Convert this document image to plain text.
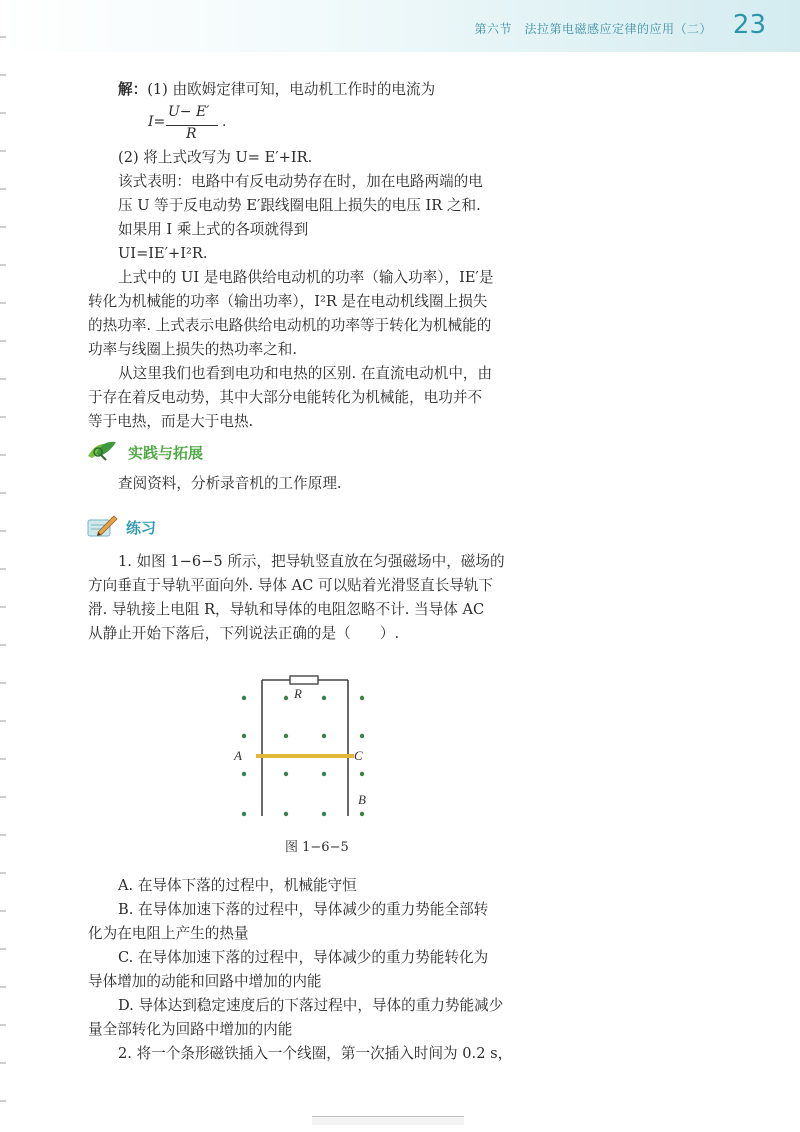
第六节　法拉第电磁感应定律的应用（二） 23
解：(1) 由欧姆定律可知，电动机工作时的电流为
I=
U− E′
R
.
(2) 将上式改写为 U= E′+IR.
该式表明：电路中有反电动势存在时，加在电路两端的电
压 U 等于反电动势 E′跟线圈电阻上损失的电压 IR 之和.
如果用 I 乘上式的各项就得到
UI=IE′+I²R.
上式中的 UI 是电路供给电动机的功率（输入功率），IE′是
转化为机械能的功率（输出功率），I²R 是在电动机线圈上损失
的热功率. 上式表示电路供给电动机的功率等于转化为机械能的
功率与线圈上损失的热功率之和.
从这里我们也看到电功和电热的区别. 在直流电动机中，由
于存在着反电动势，其中大部分电能转化为机械能，电功并不
等于电热，而是大于电热.
实践与拓展
查阅资料，分析录音机的工作原理.
练习
1. 如图 1−6−5 所示，把导轨竖直放在匀强磁场中，磁场的
方向垂直于导轨平面向外. 导体 AC 可以贴着光滑竖直长导轨下
滑. 导轨接上电阻 R，导轨和导体的电阻忽略不计. 当导体 AC
从静止开始下落后，下列说法正确的是（　　）.
R
A	C
B
图 1−6−5
A. 在导体下落的过程中，机械能守恒
B. 在导体加速下落的过程中，导体减少的重力势能全部转
化为在电阻上产生的热量
C. 在导体加速下落的过程中，导体减少的重力势能转化为
导体增加的动能和回路中增加的内能
D. 导体达到稳定速度后的下落过程中，导体的重力势能减少
量全部转化为回路中增加的内能
2. 将一个条形磁铁插入一个线圈，第一次插入时间为 0.2 s，
